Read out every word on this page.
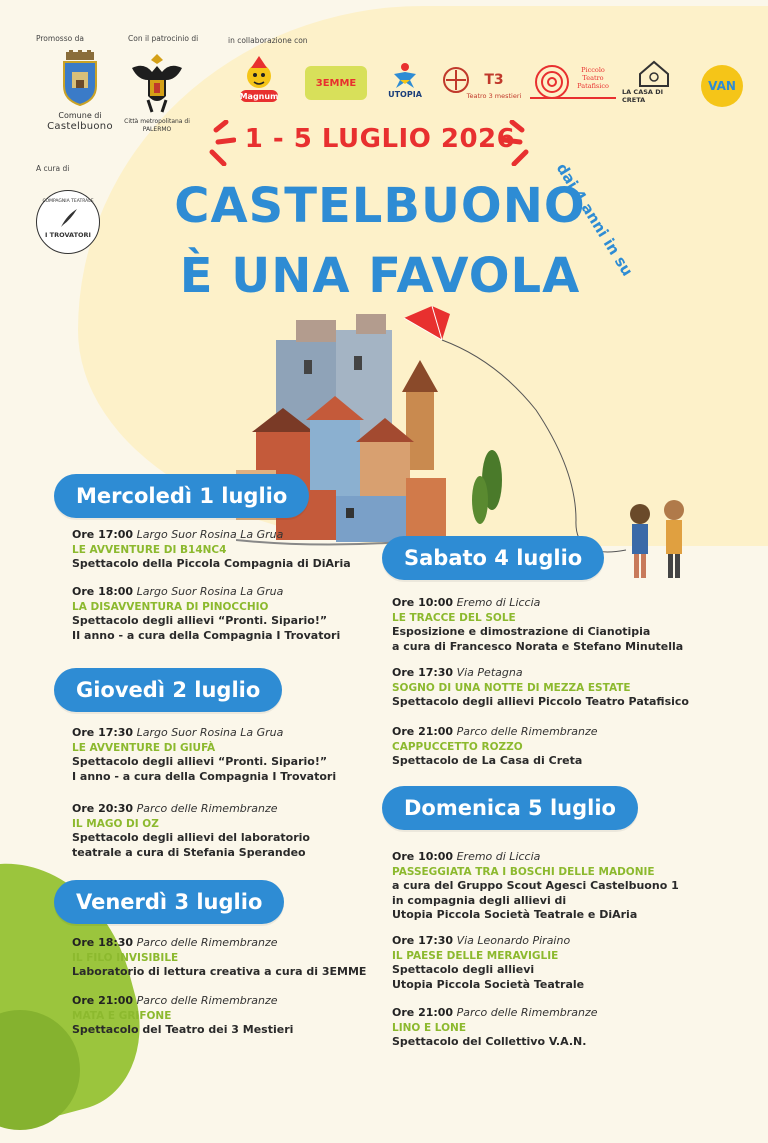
Promosso da	Con il patrocinio di	in collaborazione con
A cura di
Comune di
Castelbuono	Città metropolitana di PALERMO
Magnum
3EMME
UTOPIA
T3
Teatro 3 mestieri
Piccolo Teatro Patafisico
LA CASA DI CRETA
VAN
COMPAGNIA TEATRALE
I TROVATORI
1 - 5 LUGLIO 2026
CASTELBUONO
È UNA FAVOLA
dai 4 anni in su
Mercoledì 1 luglio
Giovedì 2 luglio
Venerdì 3 luglio
Sabato 4 luglio
Domenica 5 luglio
Ore 17:00 Largo Suor Rosina La Grua
LE AVVENTURE DI B14NC4
Spettacolo della Piccola Compagnia di DiAria
Ore 18:00 Largo Suor Rosina La Grua
LA DISAVVENTURA DI PINOCCHIO
Spettacolo degli allievi “Pronti. Sipario!”
II anno - a cura della Compagnia I Trovatori
Ore 17:30 Largo Suor Rosina La Grua
LE AVVENTURE DI GIUFÀ
Spettacolo degli allievi “Pronti. Sipario!”
I anno - a cura della Compagnia I Trovatori
Ore 20:30 Parco delle Rimembranze
IL MAGO DI OZ
Spettacolo degli allievi del laboratorio
teatrale a cura di Stefania Sperandeo
Ore 18:30 Parco delle Rimembranze
IL FILO INVISIBILE
Laboratorio di lettura creativa a cura di 3EMME
Ore 21:00 Parco delle Rimembranze
MATA E GRIFONE
Spettacolo del Teatro dei 3 Mestieri
Ore 10:00 Eremo di Liccia
LE TRACCE DEL SOLE
Esposizione e dimostrazione di Cianotipia
a cura di Francesco Norata e Stefano Minutella
Ore 17:30 Via Petagna
SOGNO DI UNA NOTTE DI MEZZA ESTATE
Spettacolo degli allievi Piccolo Teatro Patafisico
Ore 21:00 Parco delle Rimembranze
CAPPUCCETTO ROZZO
Spettacolo de La Casa di Creta
Ore 10:00 Eremo di Liccia
PASSEGGIATA TRA I BOSCHI DELLE MADONIE
a cura del Gruppo Scout Agesci Castelbuono 1
in compagnia degli allievi di
Utopia Piccola Società Teatrale e DiAria
Ore 17:30 Via Leonardo Piraino
IL PAESE DELLE MERAVIGLIE
Spettacolo degli allievi
Utopia Piccola Società Teatrale
Ore 21:00 Parco delle Rimembranze
LINO E LONE
Spettacolo del Collettivo V.A.N.
